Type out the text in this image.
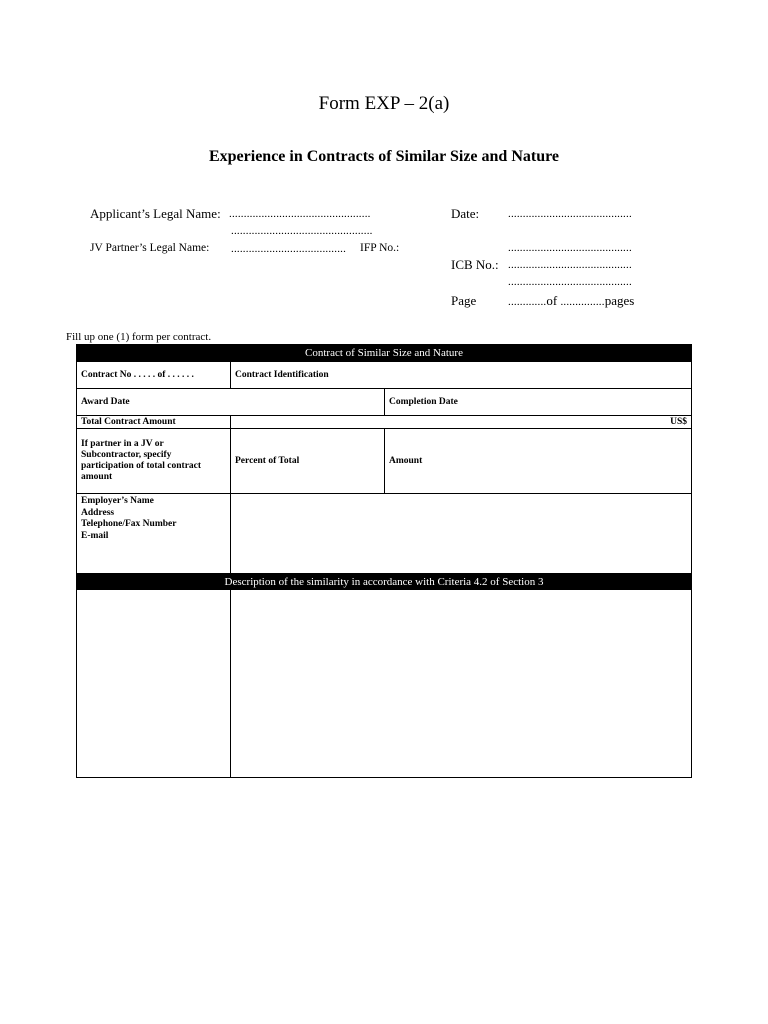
Form EXP – 2(a)
Experience in Contracts of Similar Size and Nature
Applicant’s Legal Name: ................................................
................................................
JV Partner’s Legal Name: ....................................... IFP No.:
Date:	..........................................
..........................................
ICB No.: ..........................................
..........................................
Page	.............of ...............pages
Fill up one (1) form per contract.
Contract of Similar Size and Nature		
Contract No . . . . . of . . . . . .	Contract Identification	
Award Date		Completion Date
Total Contract Amount	US$	
If partner in a JV or Subcontractor, specify participation of total contract amount	Percent of Total	Amount

Employer’s Name
Address
Telephone/Fax Number
E-mail		

Description of the similarity in accordance with Criteria 4.2 of Section 3		
